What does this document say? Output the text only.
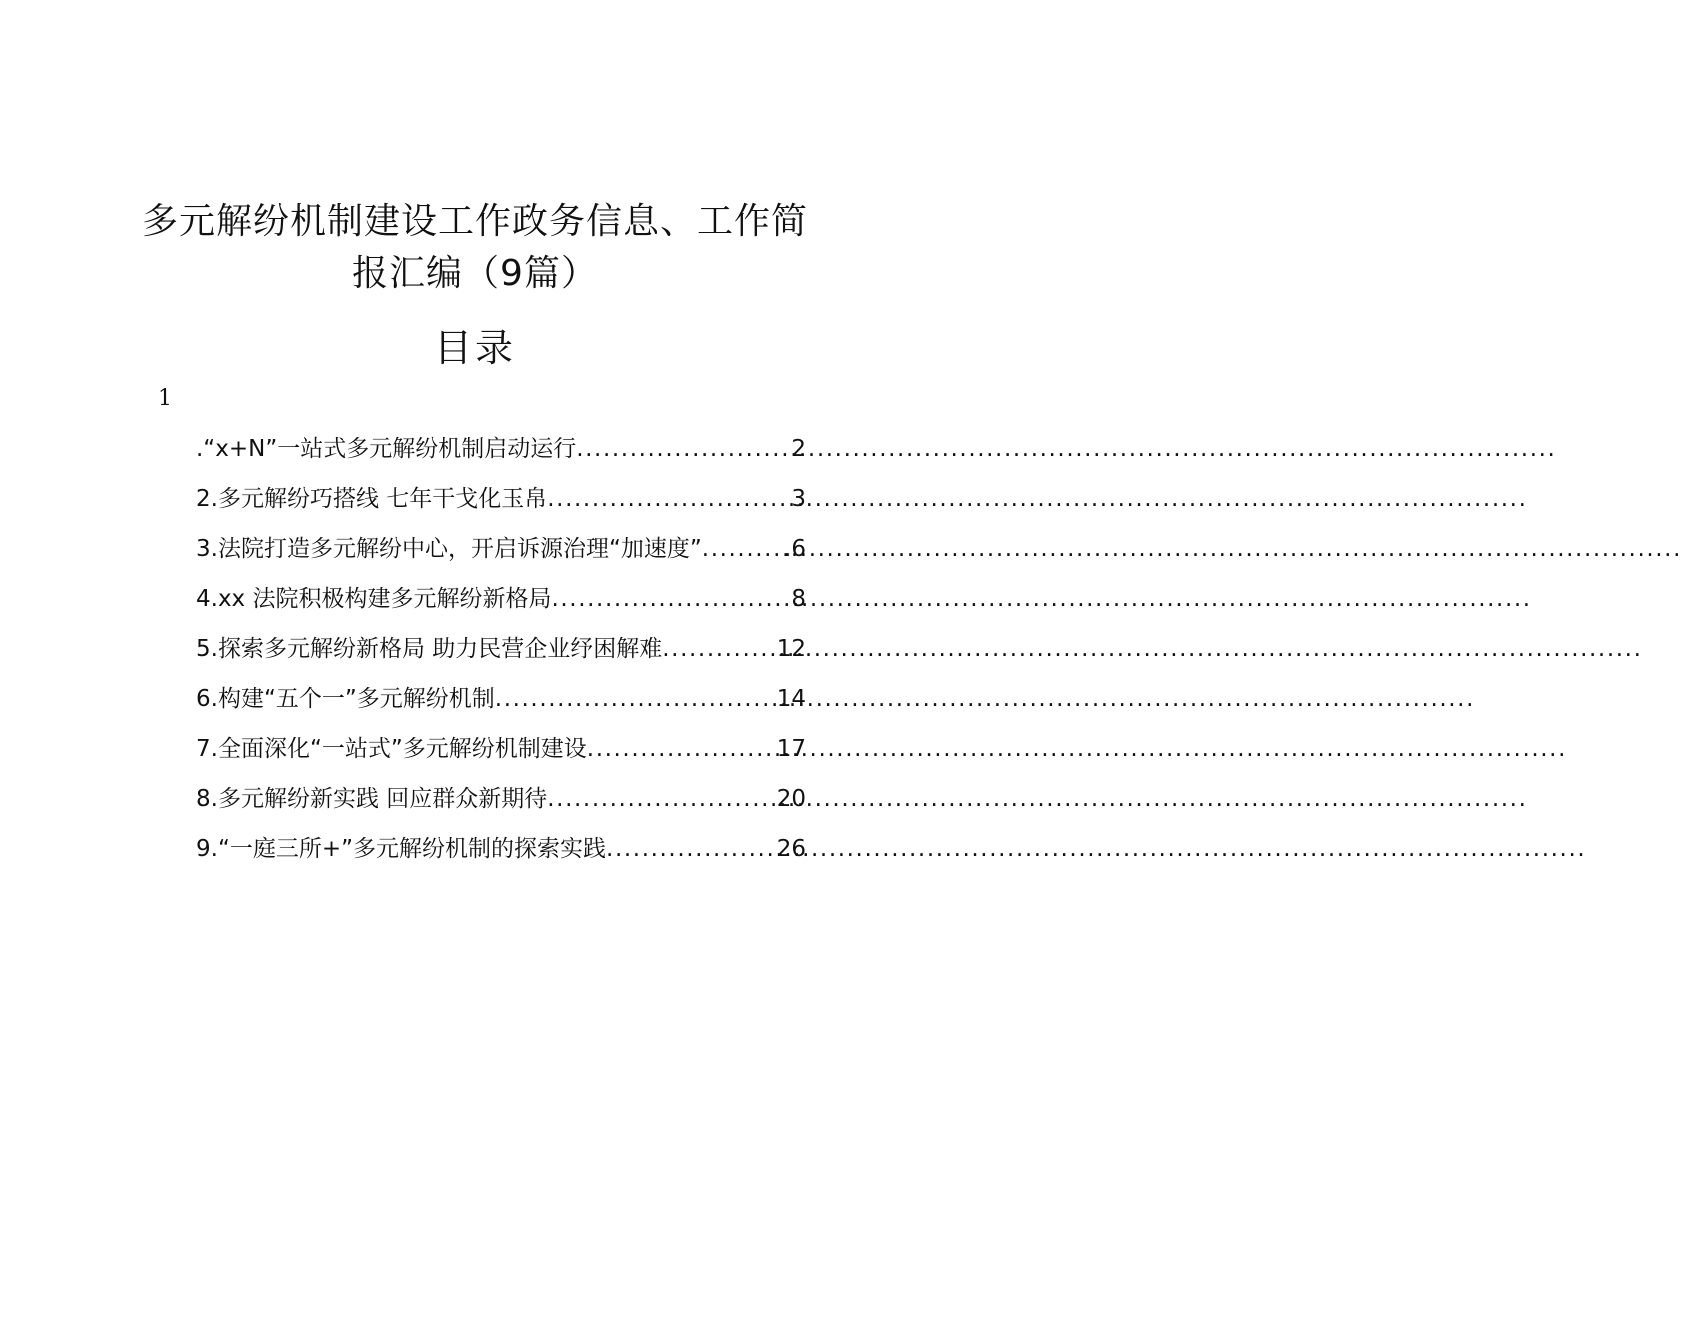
多元解纷机制建设工作政务信息、工作简报汇编（9篇）
目录
1
.“x+N”一站式多元解纷机制启动运行 .....	2
2.多元解纷巧搭线 七年干戈化玉帛 .....	3
3.法院打造多元解纷中心，开启诉源治理“加速度” .....	.6
4.xx 法院积极构建多元解纷新格局 .....	8
5.探索多元解纷新格局 助力民营企业纾困解难 .....	12
6.构建“五个一”多元解纷机制 .....	14
7.全面深化“一站式”多元解纷机制建设 .....	17
8.多元解纷新实践 回应群众新期待 .....	20
9.“一庭三所+”多元解纷机制的探索实践 .....	26
